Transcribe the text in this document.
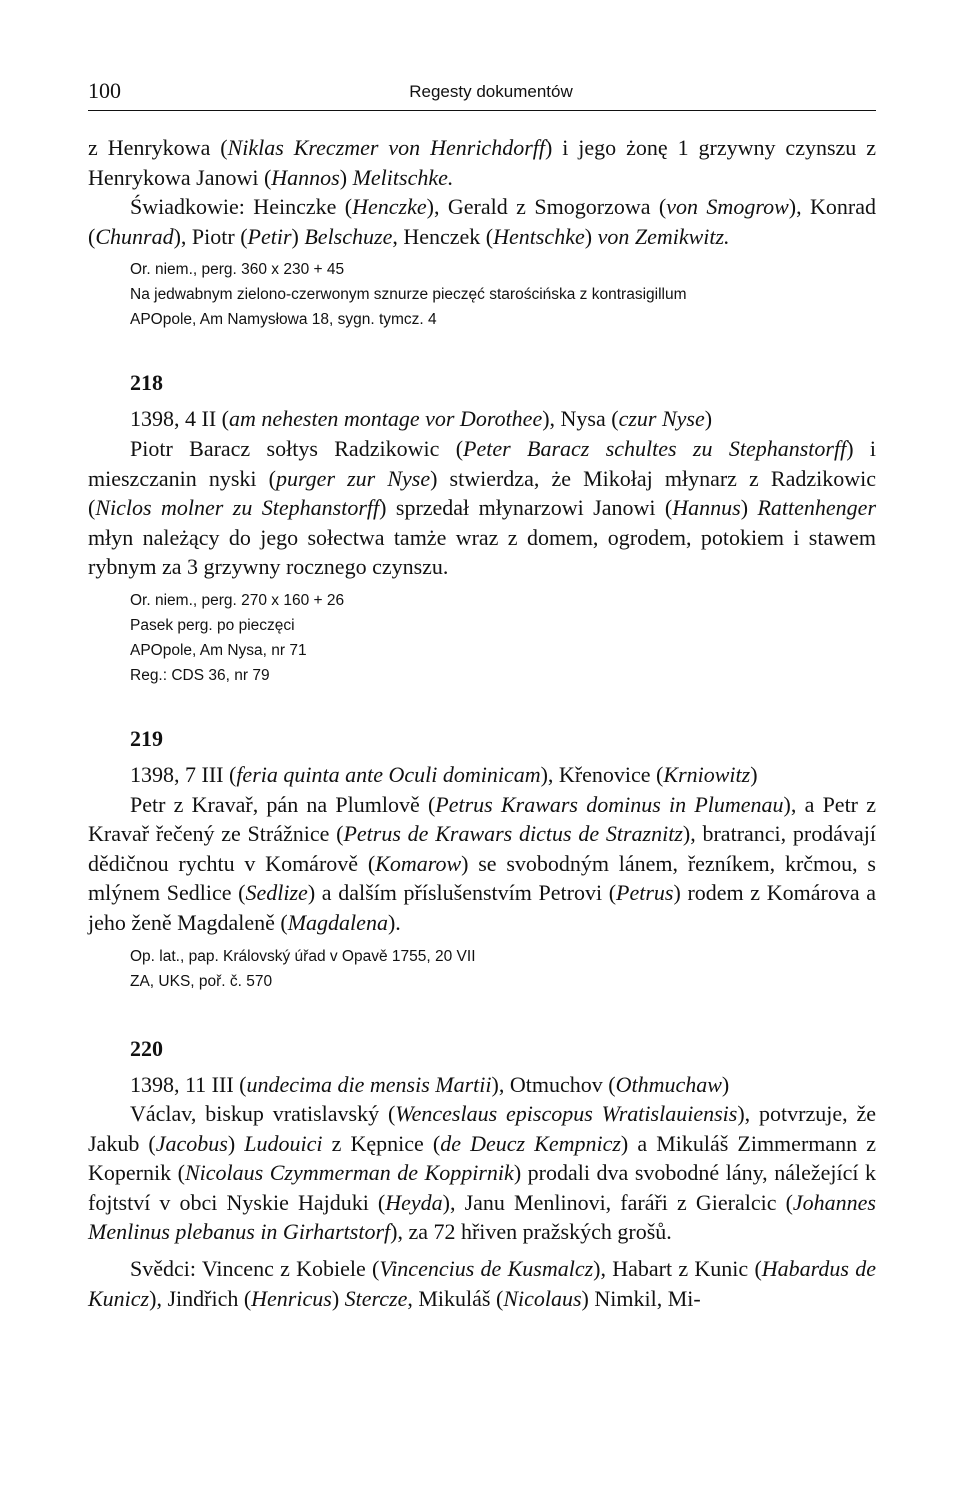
100	Regesty dokumentów

z Henrykowa (Niklas Kreczmer von Henrichdorff) i jego żonę 1 grzywny czynszu z Henrykowa Janowi (Hannos) Melitschke.

Świadkowie: Heinczke (Henczke), Gerald z Smogorzowa (von Smogrow), Konrad (Chunrad), Piotr (Petir) Belschuze, Henczek (Hentschke) von Zemikwitz.

Or. niem., perg. 360 x 230 + 45

Na jedwabnym zielono-czerwonym sznurze pieczęć starościńska z kontrasigillum

APOpole, Am Namysłowa 18, sygn. tymcz. 4

218

1398, 4 II (am nehesten montage vor Dorothee), Nysa (czur Nyse)

Piotr Baracz sołtys Radzikowic (Peter Baracz schultes zu Stephanstorff) i mieszczanin nyski (purger zur Nyse) stwierdza, że Mikołaj młynarz z Radzikowic (Niclos molner zu Stephanstorff) sprzedał młynarzowi Janowi (Hannus) Rattenhenger młyn należący do jego sołectwa tamże wraz z domem, ogrodem, potokiem i stawem rybnym za 3 grzywny rocznego czynszu.

Or. niem., perg. 270 x 160 + 26

Pasek perg. po pieczęci

APOpole, Am Nysa, nr 71

Reg.: CDS 36, nr 79

219

1398, 7 III (feria quinta ante Oculi dominicam), Křenovice (Krniowitz)

Petr z Kravař, pán na Plumlově (Petrus Krawars dominus in Plumenau), a Petr z Kravař řečený ze Strážnice (Petrus de Krawars dictus de Straznitz), bratranci, prodávají dědičnou rychtu v Komárově (Komarow) se svobodným lánem, řezníkem, krčmou, s mlýnem Sedlice (Sedlize) a dalším příslušenstvím Petrovi (Petrus) rodem z Komárova a jeho ženě Magdaleně (Magdalena).

Op. lat., pap. Královský úřad v Opavě 1755, 20 VII

ZA, UKS, poř. č. 570

220

1398, 11 III (undecima die mensis Martii), Otmuchov (Othmuchaw)

Václav, biskup vratislavský (Wenceslaus episcopus Wratislauiensis), potvrzuje, že Jakub (Jacobus) Ludouici z Kępnice (de Deucz Kempnicz) a Mikuláš Zimmermann z Kopernik (Nicolaus Czymmerman de Koppirnik) prodali dva svobodné lány, náležející k fojtství v obci Nyskie Hajduki (Heyda), Janu Menlinovi, faráři z Gieralcic (Johannes Menlinus plebanus in Girhartstorf), za 72 hřiven pražských grošů.

Svědci: Vincenc z Kobiele (Vincencius de Kusmalcz), Habart z Kunic (Habardus de Kunicz), Jindřich (Henricus) Stercze, Mikuláš (Nicolaus) Nimkil, Mi-
